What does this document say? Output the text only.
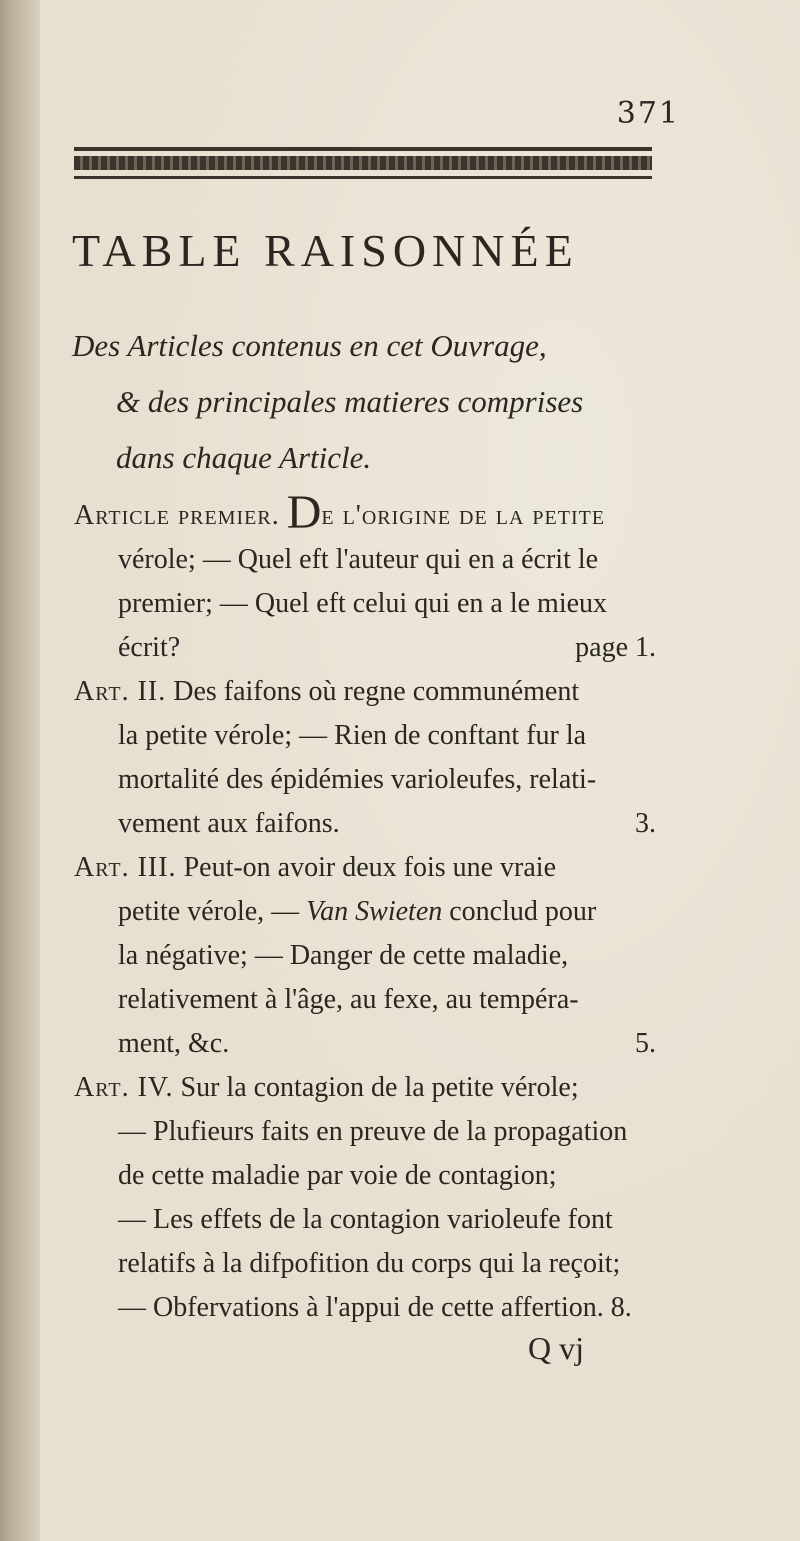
371
TABLE RAISONNÉE
Des Articles contenus en cet Ouvrage,
& des principales matieres comprises
dans chaque Article.
Article premier. De l'origine de la petite
vérole; — Quel eft l'auteur qui en a écrit le
premier; — Quel eft celui qui en a le mieux
écrit?	page 1.
Art. II. Des faifons où regne communément
la petite vérole; — Rien de conftant fur la
mortalité des épidémies varioleufes, relati-
vement aux faifons.	3.
Art. III. Peut-on avoir deux fois une vraie
petite vérole, — Van Swieten conclud pour
la négative; — Danger de cette maladie,
relativement à l'âge, au fexe, au tempéra-
ment, &c.	5.
Art. IV. Sur la contagion de la petite vérole;
— Plufieurs faits en preuve de la propagation
de cette maladie par voie de contagion;
— Les effets de la contagion varioleufe font
relatifs à la difpofition du corps qui la reçoit;
— Obfervations à l'appui de cette affertion. 8.
Q vj
